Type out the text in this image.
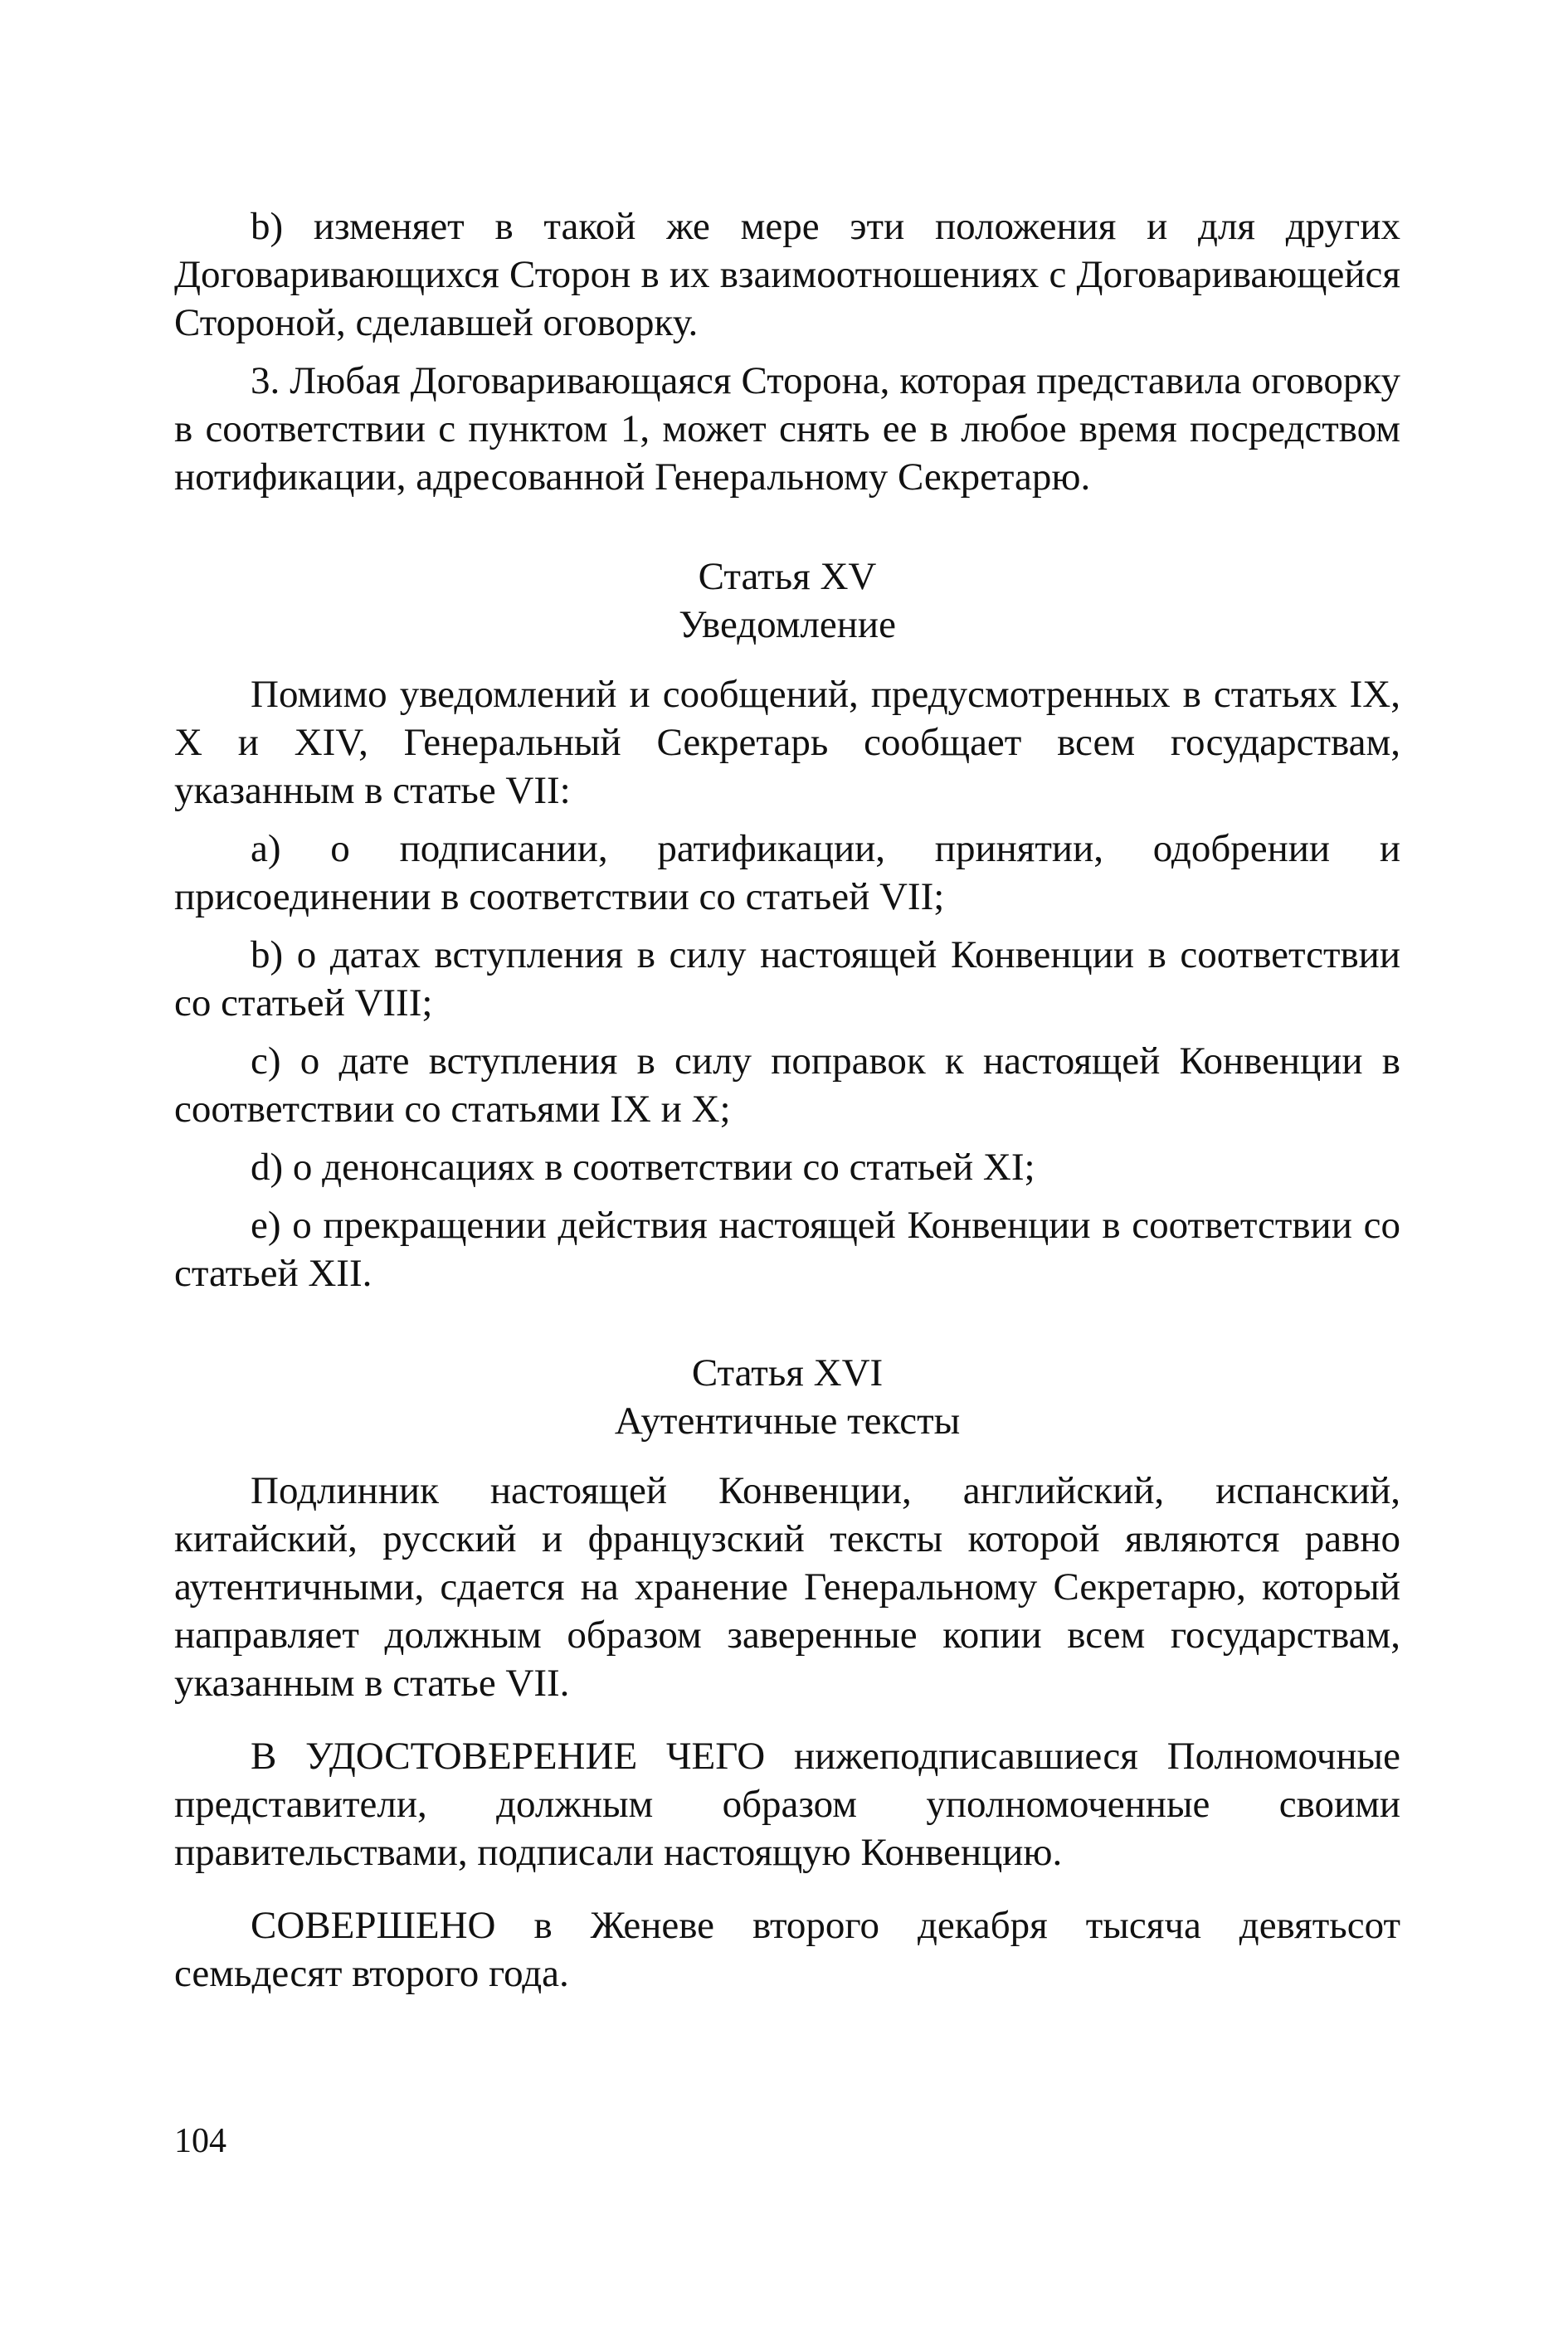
b) изменяет в такой же мере эти положения и для других Договаривающихся Сторон в их взаимоотношениях с Договаривающейся Стороной, сделавшей оговорку.

3. Любая Договаривающаяся Сторона, которая представила оговорку в соответствии с пунктом 1, может снять ее в любое время посредством нотификации, адресованной Генеральному Секретарю.

Статья XV

Уведомление

Помимо уведомлений и сообщений, предусмотренных в статьях IX, X и XIV, Генеральный Секретарь сообщает всем государствам, указанным в статье VII:

a) о подписании, ратификации, принятии, одобрении и присоединении в соответствии со статьей VII;

b) о датах вступления в силу настоящей Конвенции в соответствии со статьей VIII;

c) о дате вступления в силу поправок к настоящей Конвенции в соответствии со статьями IX и X;

d) о денонсациях в соответствии со статьей XI;

e) о прекращении действия настоящей Конвенции в соответствии со статьей XII.

Статья XVI

Аутентичные тексты

Подлинник настоящей Конвенции, английский, испанский, китайский, русский и французский тексты которой являются равно аутентичными, сдается на хранение Генеральному Секретарю, который направляет должным образом заверенные копии всем государствам, указанным в статье VII.

В УДОСТОВЕРЕНИЕ ЧЕГО нижеподписавшиеся Полномочные представители, должным образом уполномоченные своими правительствами, подписали настоящую Конвенцию.

СОВЕРШЕНО в Женеве второго декабря тысяча девятьсот семьдесят второго года.

104
